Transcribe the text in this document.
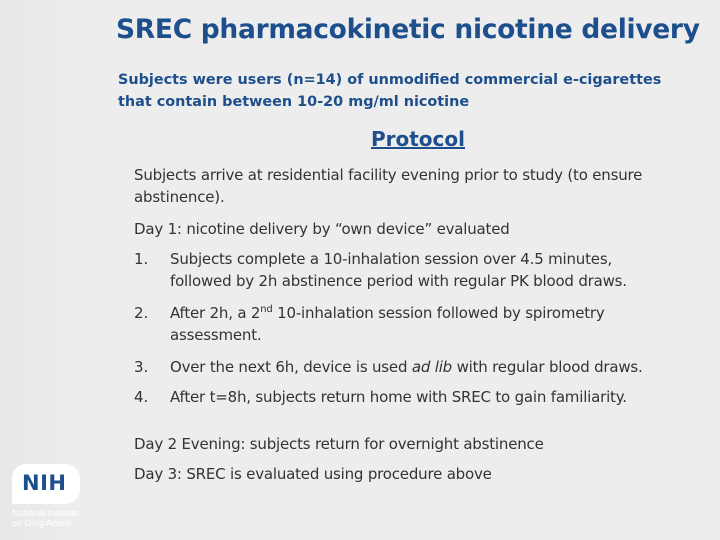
SREC pharmacokinetic nicotine delivery
Subjects were users (n=14) of unmodified commercial e-cigarettes
that contain between 10-20 mg/ml nicotine
Protocol
Subjects arrive at residential facility evening prior to study (to ensure
abstinence).
Day 1: nicotine delivery by “own device” evaluated
1.	Subjects complete a 10‑inhalation session over 4.5 minutes,
followed by 2h abstinence period with regular PK blood draws.
2.	After 2h, a 2nd 10-inhalation session followed by spirometry
assessment.
3.	Over the next 6h, device is used ad lib with regular blood draws.
4.	After t=8h, subjects return home with SREC to gain familiarity.
Day 2 Evening: subjects return for overnight abstinence
Day 3: SREC is evaluated using procedure above
NIH
National Institute
on Drug Abuse
